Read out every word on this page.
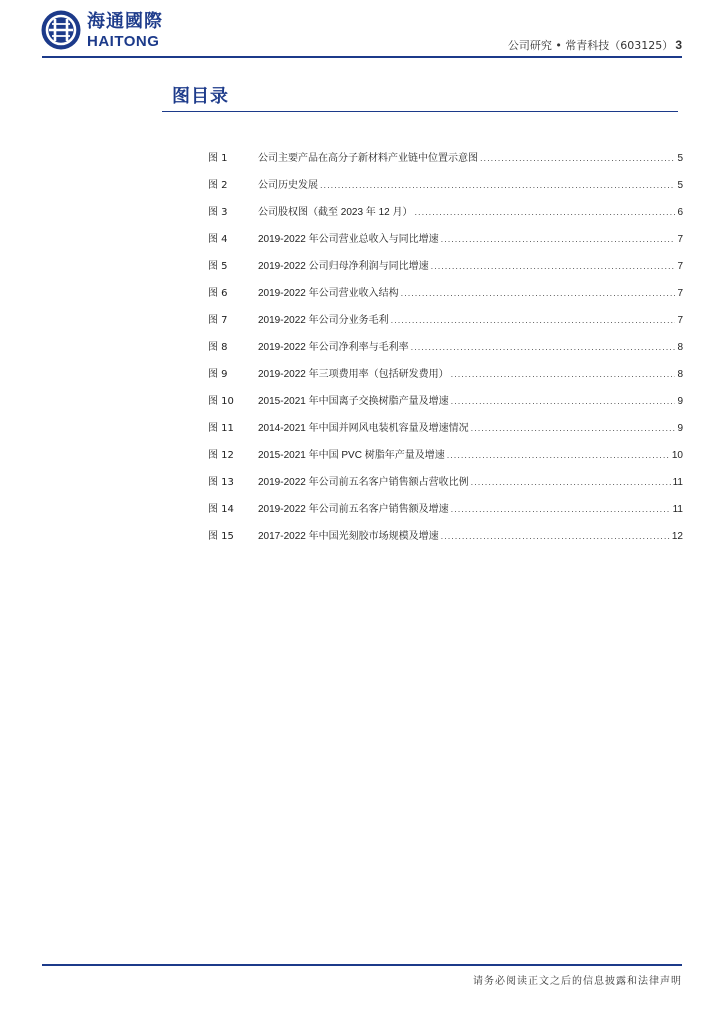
海通國際
HAITONG	公司研究 • 常青科技（603125） 3
图目录
图 1	公司主要产品在高分子新材料产业链中位置示意图 .....	5
图 2	公司历史发展 .....	5
图 3	公司股权图（截至 2023 年 12 月） .....	6
图 4	2019-2022 年公司营业总收入与同比增速 .....	7
图 5	2019-2022 公司归母净利润与同比增速 .....	7
图 6	2019-2022 年公司营业收入结构 .....	7
图 7	2019-2022 年公司分业务毛利 .....	7
图 8	2019-2022 年公司净利率与毛利率 .....	8
图 9	2019-2022 年三项费用率（包括研发费用） .....	8
图 10	2015-2021 年中国离子交换树脂产量及增速 .....	9
图 11	2014-2021 年中国并网风电装机容量及增速情况 .....	9
图 12	2015-2021 年中国 PVC 树脂年产量及增速 .....	10
图 13	2019-2022 年公司前五名客户销售额占营收比例 .....	11
图 14	2019-2022 年公司前五名客户销售额及增速 .....	11
图 15	2017-2022 年中国光刻胶市场规模及增速 .....	12
请务必阅读正文之后的信息披露和法律声明
